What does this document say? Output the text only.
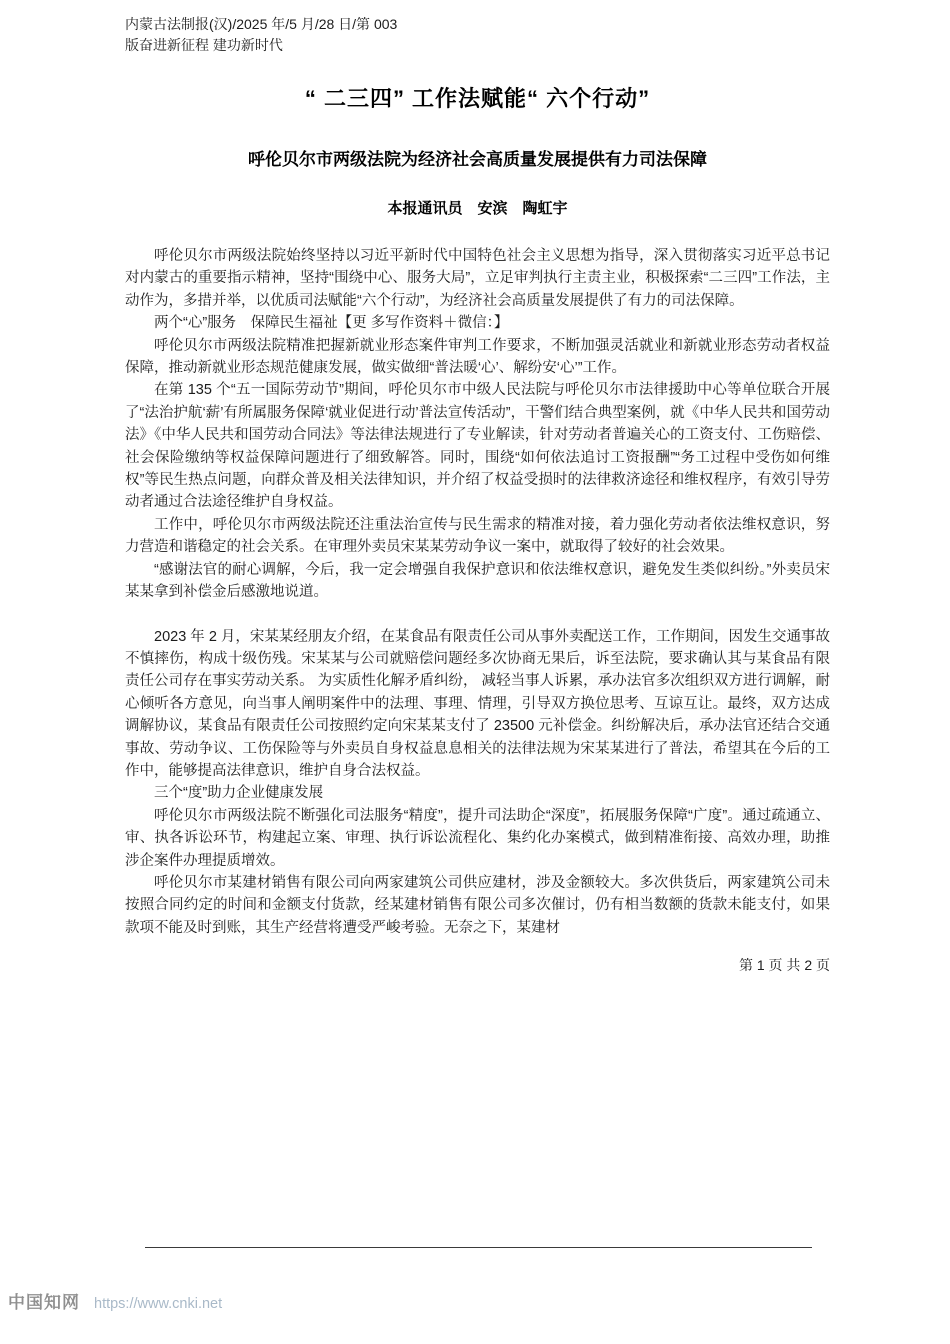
内蒙古法制报(汉)/2025 年/5 月/28 日/第 003
版奋进新征程 建功新时代
“ 二三四” 工作法赋能“ 六个行动”
呼伦贝尔市两级法院为经济社会高质量发展提供有力司法保障
本报通讯员　安滨　陶虹宇

呼伦贝尔市两级法院始终坚持以习近平新时代中国特色社会主义思想为指导，深入贯彻落实习近平总书记对内蒙古的重要指示精神，坚持“围绕中心、服务大局”，立足审判执行主责主业，积极探索“二三四”工作法，主动作为，多措并举，以优质司法赋能“六个行动”，为经济社会高质量发展提供了有力的司法保障。

两个“心”服务　保障民生福祉【更 多写作资料＋微信：】

呼伦贝尔市两级法院精准把握新就业形态案件审判工作要求，不断加强灵活就业和新就业形态劳动者权益保障，推动新就业形态规范健康发展，做实做细“普法暖‘心’、解纷安‘心’”工作。

在第 135 个“五一国际劳动节”期间，呼伦贝尔市中级人民法院与呼伦贝尔市法律援助中心等单位联合开展了“法治护航‘薪’有所属服务保障‘就业促进行动’普法宣传活动”，干警们结合典型案例，就《中华人民共和国劳动法》《中华人民共和国劳动合同法》等法律法规进行了专业解读，针对劳动者普遍关心的工资支付、工伤赔偿、社会保险缴纳等权益保障问题进行了细致解答。同时，围绕“如何依法追讨工资报酬”“务工过程中受伤如何维权”等民生热点问题，向群众普及相关法律知识，并介绍了权益受损时的法律救济途径和维权程序，有效引导劳动者通过合法途径维护自身权益。

工作中，呼伦贝尔市两级法院还注重法治宣传与民生需求的精准对接，着力强化劳动者依法维权意识，努力营造和谐稳定的社会关系。在审理外卖员宋某某劳动争议一案中，就取得了较好的社会效果。

“感谢法官的耐心调解，今后，我一定会增强自我保护意识和依法维权意识，避免发生类似纠纷。”外卖员宋某某拿到补偿金后感激地说道。

2023 年 2 月，宋某某经朋友介绍，在某食品有限责任公司从事外卖配送工作，工作期间，因发生交通事故不慎摔伤，构成十级伤残。宋某某与公司就赔偿问题经多次协商无果后，诉至法院，要求确认其与某食品有限责任公司存在事实劳动关系。 为实质性化解矛盾纠纷， 减轻当事人诉累，承办法官多次组织双方进行调解，耐心倾听各方意见，向当事人阐明案件中的法理、事理、情理，引导双方换位思考、互谅互让。最终，双方达成调解协议，某食品有限责任公司按照约定向宋某某支付了 23500 元补偿金。纠纷解决后，承办法官还结合交通事故、劳动争议、工伤保险等与外卖员自身权益息息相关的法律法规为宋某某进行了普法，希望其在今后的工作中，能够提高法律意识，维护自身合法权益。

三个“度”助力企业健康发展

呼伦贝尔市两级法院不断强化司法服务“精度”，提升司法助企“深度”，拓展服务保障“广度”。通过疏通立、审、执各诉讼环节，构建起立案、审理、执行诉讼流程化、集约化办案模式，做到精准衔接、高效办理，助推涉企案件办理提质增效。

呼伦贝尔市某建材销售有限公司向两家建筑公司供应建材，涉及金额较大。多次供货后，两家建筑公司未按照合同约定的时间和金额支付货款，经某建材销售有限公司多次催讨，仍有相当数额的货款未能支付，如果款项不能及时到账，其生产经营将遭受严峻考验。无奈之下，某建材

第 1 页 共 2 页
中国知网 https://www.cnki.net
